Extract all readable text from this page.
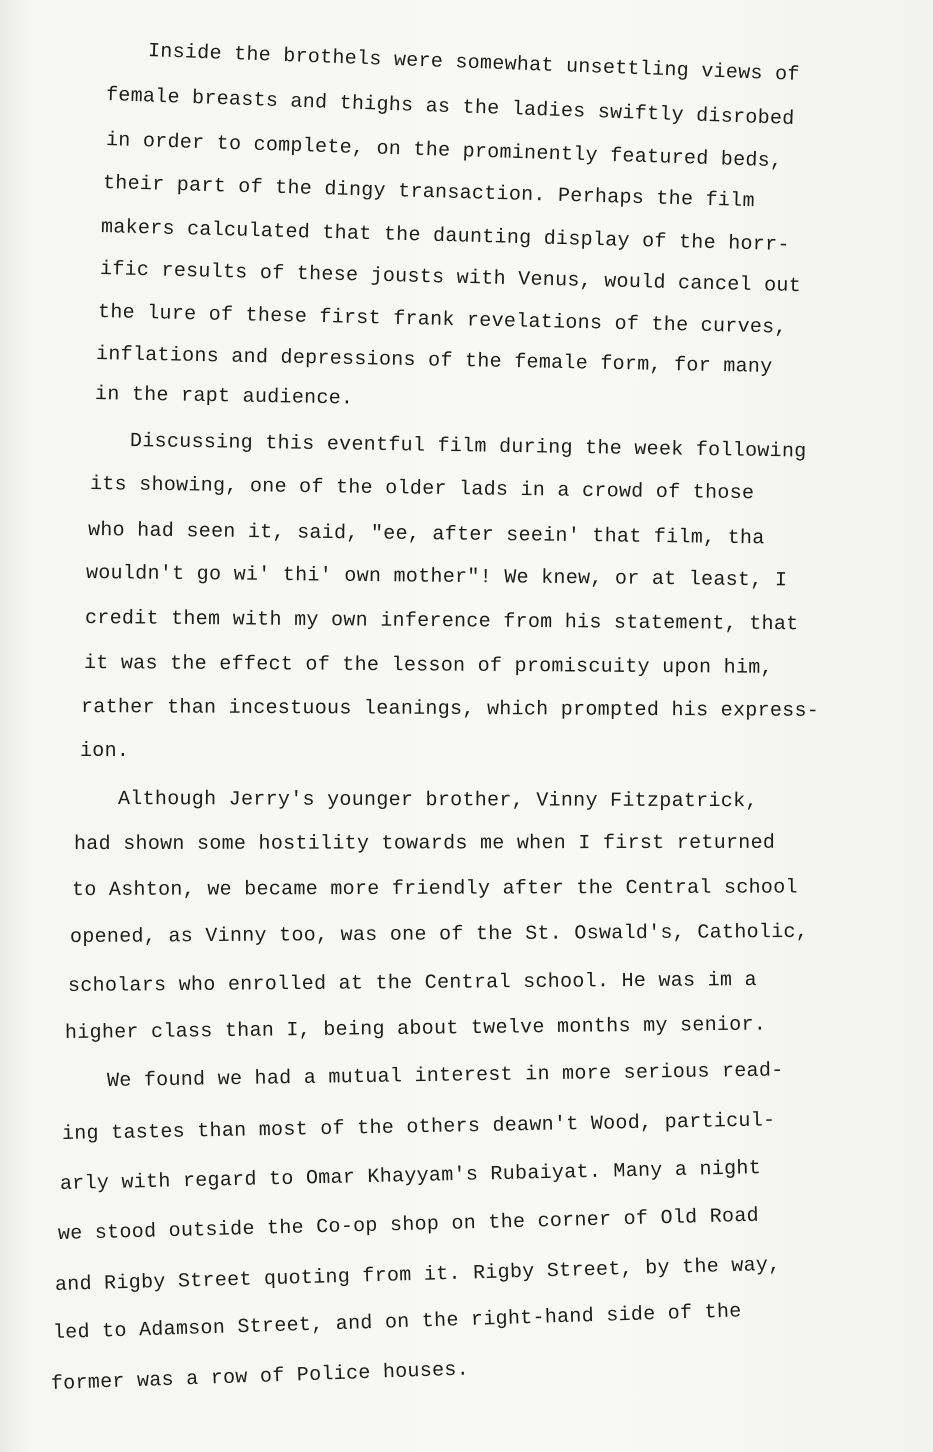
Inside the brothels were somewhat unsettling views of
female breasts and thighs as the ladies swiftly disrobed
in order to complete, on the prominently featured beds,
their part of the dingy transaction. Perhaps the film
makers calculated that the daunting display of the horr-
ific results of these jousts with Venus, would cancel out
the lure of these first frank revelations of the curves,
inflations and depressions of the female form, for many
in the rapt audience.
Discussing this eventful film during the week following
its showing, one of the older lads in a crowd of those
who had seen it, said, "ee, after seein' that film, tha
wouldn't go wi' thi' own mother"! We knew, or at least, I
credit them with my own inference from his statement, that
it was the effect of the lesson of promiscuity upon him,
rather than incestuous leanings, which prompted his express-
ion.
Although Jerry's younger brother, Vinny Fitzpatrick,
had shown some hostility towards me when I first returned
to Ashton, we became more friendly after the Central school
opened, as Vinny too, was one of the St. Oswald's, Catholic,
scholars who enrolled at the Central school. He was im a
higher class than I, being about twelve months my senior.
We found we had a mutual interest in more serious read-
ing tastes than most of the others deawn't Wood, particul-
arly with regard to Omar Khayyam's Rubaiyat. Many a night
we stood outside the Co-op shop on the corner of Old Road
and Rigby Street quoting from it. Rigby Street, by the way,
led to Adamson Street, and on the right-hand side of the
former was a row of Police houses.
